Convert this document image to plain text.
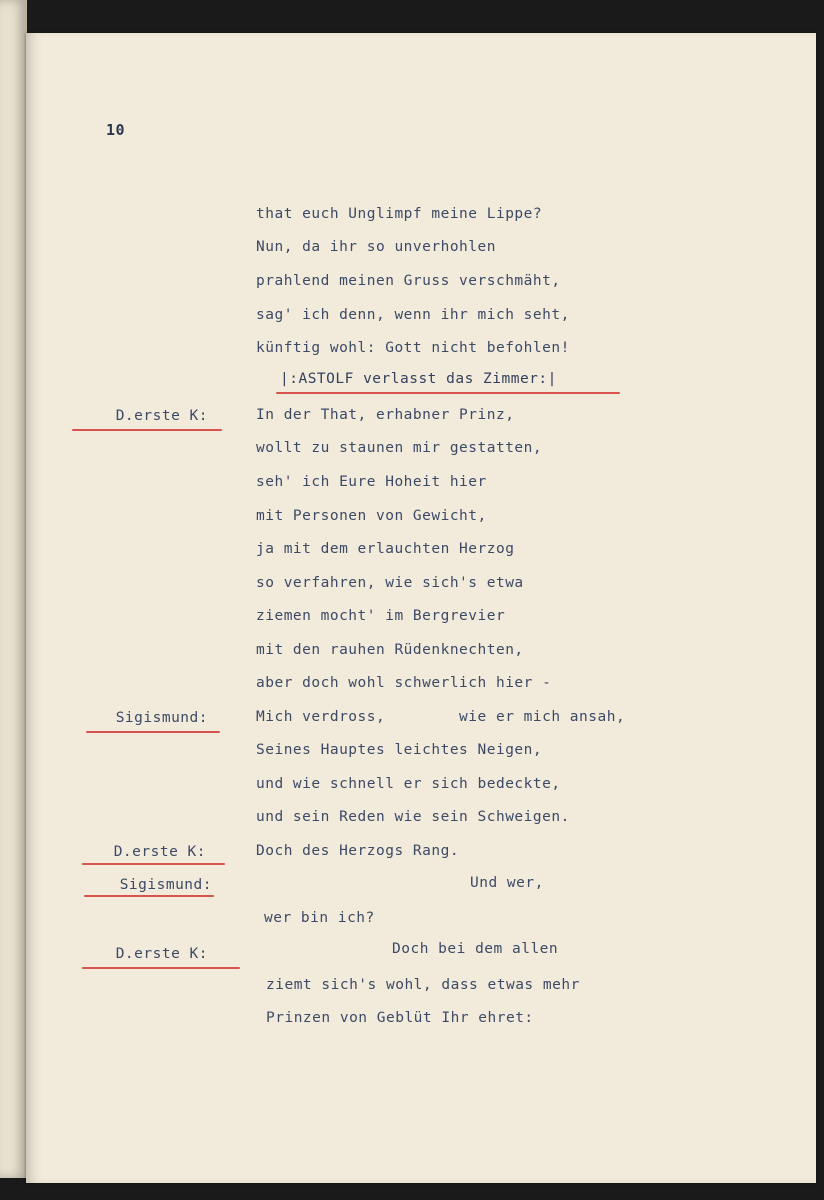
10
that euch Unglimpf meine Lippe?
Nun, da ihr so unverhohlen
prahlend meinen Gruss verschmäht,
sag' ich denn, wenn ihr mich seht,
künftig wohl: Gott nicht befohlen!
|:ASTOLF verlasst das Zimmer:|
In der That, erhabner Prinz,
wollt zu staunen mir gestatten,
seh' ich Eure Hoheit hier
mit Personen von Gewicht,
ja mit dem erlauchten Herzog
so verfahren, wie sich's etwa
ziemen mocht' im Bergrevier
mit den rauhen Rüdenknechten,
aber doch wohl schwerlich hier -
Mich verdross,        wie er mich ansah,
Seines Hauptes leichtes Neigen,
und wie schnell er sich bedeckte,
und sein Reden wie sein Schweigen.
Doch des Herzogs Rang.
Und wer,
wer bin ich?
Doch bei dem allen
ziemt sich's wohl, dass etwas mehr
Prinzen von Geblüt Ihr ehret:
D.erste K:
Sigismund:
D.erste K:
Sigismund:
D.erste K:
